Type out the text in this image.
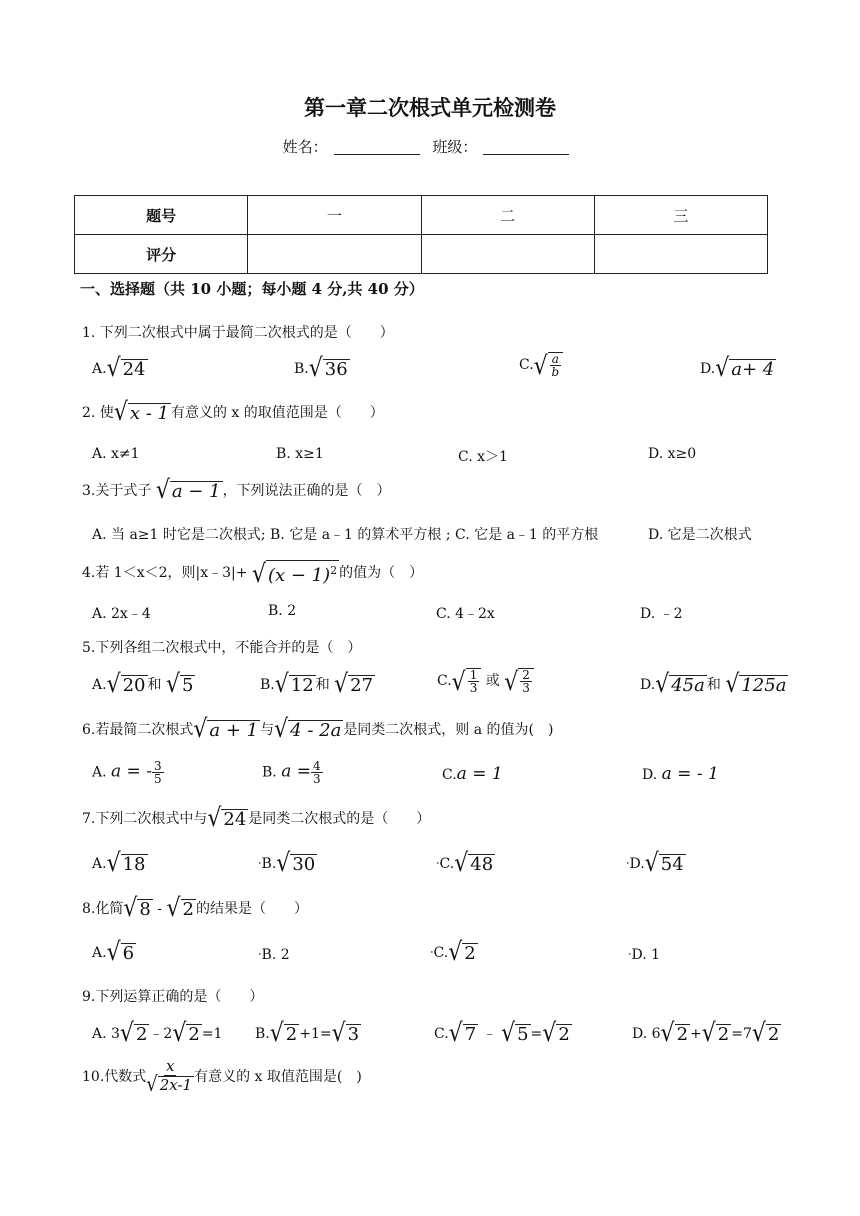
第一章二次根式单元检测卷
姓名：	班级：
题号	一	二	三
评分			
一、选择题（共 10 小题；每小题 4 分,共 40 分）
1. 下列二次根式中属于最简二次根式的是（　　）
A. √ 24	B. √ 36	C. √ $\frac{a}{b}$	D. √ a+ 4
2. 使 √ x - 1 有意义的 x 的取值范围是（　　）
A. x≠1	B. x≥1	C. x＞1	D. x≥0
3.关于式子 √ a − 1 ，下列说法正确的是（　）
A. 当 a≥1 时它是二次根式; B. 它是 a﹣1 的算术平方根 ; C. 它是 a﹣1 的平方根	D. 它是二次根式
4.若 1＜x＜2，则|x﹣3|+ √ $(x - 1)^2$ 的值为（　）
A. 2x﹣4	B. 2	C. 4﹣2x	D. ﹣2
5.下列各组二次根式中，不能合并的是（　）
A. √ 20 和 √ 5	B. √ 12 和 √ 27	C. √ $\frac{1}{3}$ 或 √ $\frac{2}{3}$	D. √ 45a 和 √ 125a
6.若最简二次根式 √ a + 1 与 √ 4 - 2a 是同类二次根式，则 a 的值为(　)
A. a = - $\frac{3}{5}$	B. $a = \frac{4}{3}$	C.a = 1	D. a = - 1
7.下列二次根式中与 √ 24 是同类二次根式的是（　　）
A. √ 18	•B. √ 30	•C. √ 48	•D. √ 54
8.化简 √ 8 - √ 2 的结果是（　　）
A. √ 6	•B. 2	•C. √ 2	•D. 1
9.下列运算正确的是（　　）
A. 3 √ 2 ﹣2 √ 2 =1 B. √ 2 +1= √ 3	C. √ 7 ﹣ √ 5 = √ 2	D. 6 √ 2 + √ 2 =7 √ 2
10.代数式 $\frac{x}{√ 2x-1}$ 有意义的 x 取值范围是(　)
